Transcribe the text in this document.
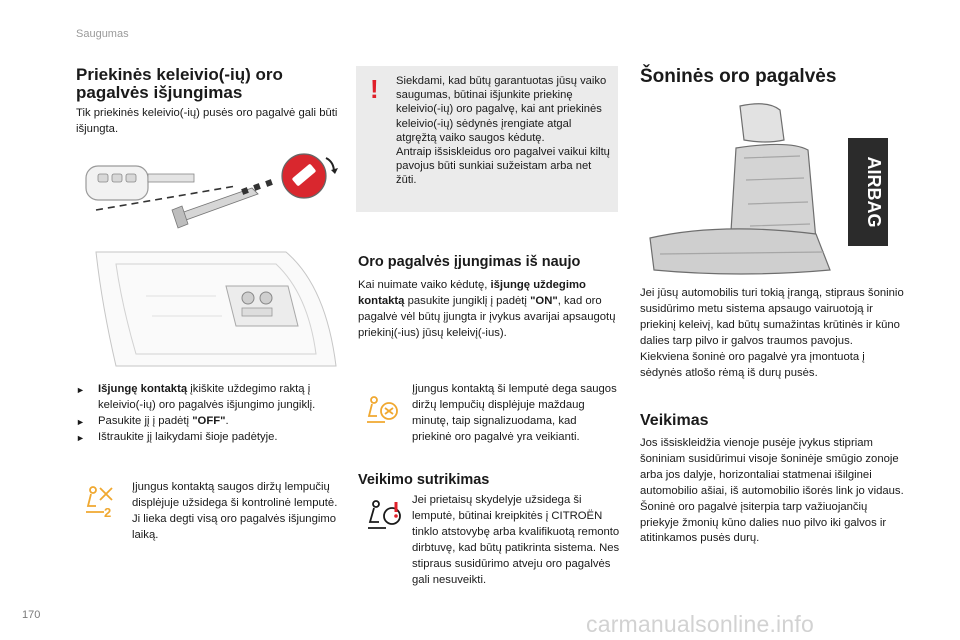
Saugumas
170	carmanualsonline.info
Priekinės keleivio(-ių) oro
pagalvės išjungimas
Tik priekinės keleivio(-ių) pusės oro pagalvė gali būti išjungta.
► Išjungę kontaktą įkiškite uždegimo raktą į keleivio(-ių) oro pagalvės išjungimo jungiklį.
► Pasukite jį į padėtį "OFF".
► Ištraukite jį laikydami šioje padėtyje.
2
Įjungus kontaktą saugos diržų lempučių displėjuje užsidega ši kontrolinė lemputė. Ji lieka degti visą oro pagalvės išjungimo laiką.
! Siekdami, kad būtų garantuotas jūsų vaiko saugumas, būtinai išjunkite priekinę keleivio(-ių) oro pagalvę, kai ant priekinės keleivio(-ių) sėdynės įrengiate atgal atgręžtą vaiko saugos kėdutę.
Antraip išsiskleidus oro pagalvei vaikui kiltų pavojus būti sunkiai sužeistam arba net žūti.
Oro pagalvės įjungimas iš naujo
Kai nuimate vaiko kėdutę, išjungę uždegimo kontaktą pasukite jungiklį į padėtį "ON", kad oro pagalvė vėl būtų įjungta ir įvykus avarijai apsaugotų priekinį(-ius) jūsų keleivį(-ius).
Įjungus kontaktą ši lemputė dega saugos diržų lempučių displėjuje maždaug minutę, taip signalizuodama, kad priekinė oro pagalvė yra veikianti.
Veikimo sutrikimas
Jei prietaisų skydelyje užsidega ši lemputė, būtinai kreipkitės į CITROËN tinklo atstovybę arba kvalifikuotą remonto dirbtuvę, kad būtų patikrinta sistema. Nes stipraus susidūrimo atveju oro pagalvės gali nesuveikti.
Šoninės oro pagalvės
AIRBAG
Jei jūsų automobilis turi tokią įrangą, stipraus šoninio susidūrimo metu sistema apsaugo vairuotoją ir priekinį keleivį, kad būtų sumažintas krūtinės ir kūno dalies tarp pilvo ir galvos traumos pavojus.
Kiekviena šoninė oro pagalvė yra įmontuota į sėdynės atlošo rėmą iš durų pusės.
Veikimas
Jos išsiskleidžia vienoje pusėje įvykus stipriam šoniniam susidūrimui visoje šoninėje smūgio zonoje arba jos dalyje, horizontaliai statmenai išilginei automobilio ašiai, iš automobilio išorės link jo vidaus.
Šoninė oro pagalvė įsiterpia tarp važiuojančių priekyje žmonių kūno dalies nuo pilvo iki galvos ir atitinkamos pusės durų.
